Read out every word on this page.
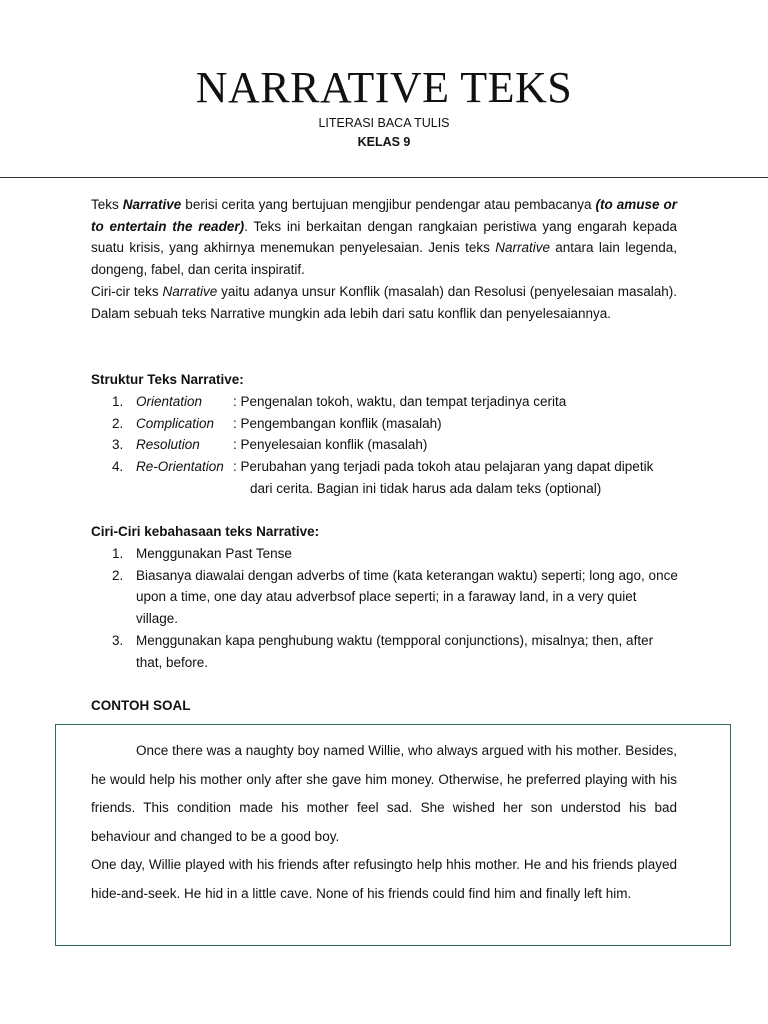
NARRATIVE TEKS
LITERASI BACA TULIS
KELAS 9

Teks Narrative berisi cerita yang bertujuan mengjibur pendengar atau pembacanya (to amuse or to entertain the reader). Teks ini berkaitan dengan rangkaian peristiwa yang engarah kepada suatu krisis, yang akhirnya menemukan penyelesaian. Jenis teks Narrative antara lain legenda, dongeng, fabel, dan cerita inspiratif.

Ciri-cir teks Narrative yaitu adanya unsur Konflik (masalah) dan Resolusi (penyelesaian masalah). Dalam sebuah teks Narrative mungkin ada lebih dari satu konflik dan penyelesaiannya.

Struktur Teks Narrative:
1. Orientation : Pengenalan tokoh, waktu, dan tempat terjadinya cerita
2. Complication : Pengembangan konflik (masalah)
3. Resolution : Penyelesaian konflik (masalah)
4. Re-Orientation : Perubahan yang terjadi pada tokoh atau pelajaran yang dapat dipetik
dari cerita. Bagian ini tidak harus ada dalam teks (optional)
Ciri-Ciri kebahasaan teks Narrative:
1. Menggunakan Past Tense
2. Biasanya diawalai dengan adverbs of time (kata keterangan waktu) seperti; long ago, once upon a time, one day atau adverbsof place seperti; in a faraway land, in a very quiet village.
3. Menggunakan kapa penghubung waktu (tempporal conjunctions), misalnya; then, after that, before.
CONTOH SOAL

Once there was a naughty boy named Willie, who always argued with his mother. Besides, he would help his mother only after she gave him money. Otherwise, he preferred playing with his friends. This condition made his mother feel sad. She wished her son understod his bad behaviour and changed to be a good boy.

One day, Willie played with his friends after refusingto help hhis mother. He and his friends played hide-and-seek. He hid in a little cave. None of his friends could find him and finally left him.
